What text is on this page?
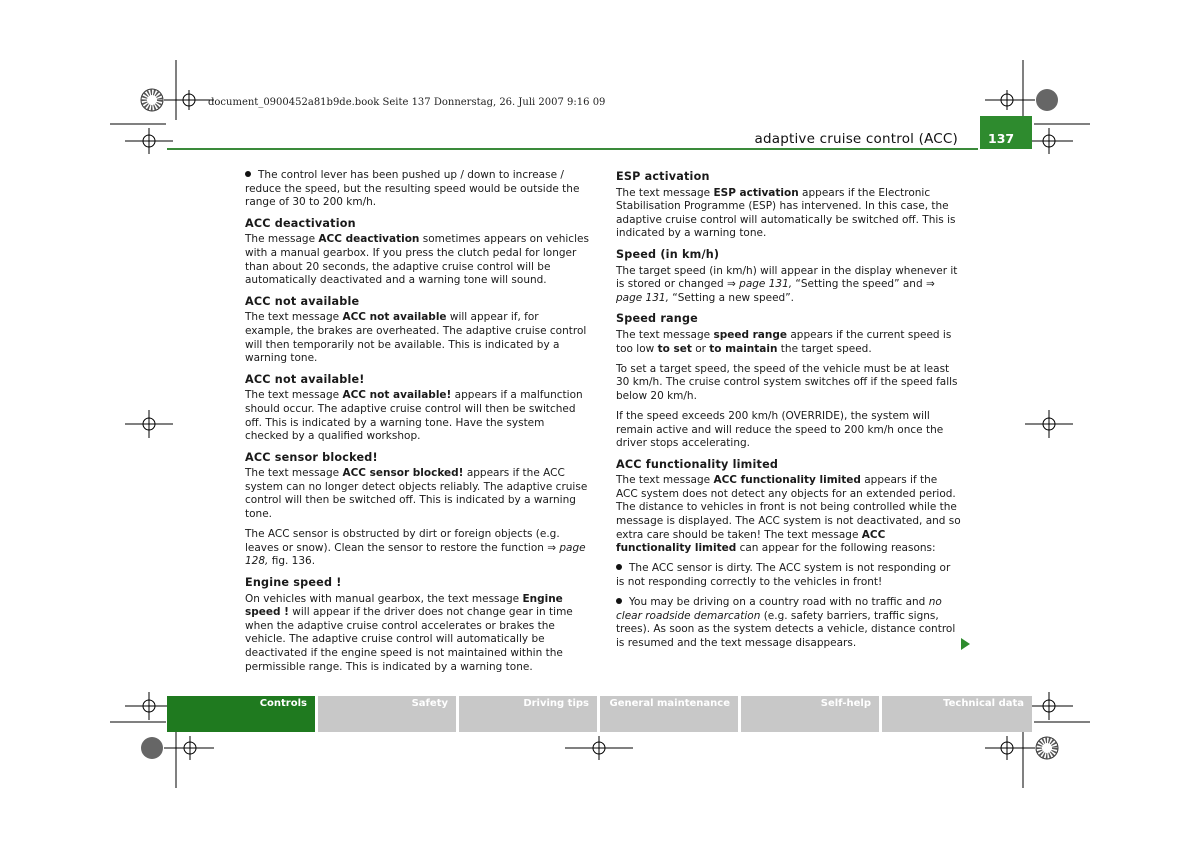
document_0900452a81b9de.book Seite 137 Donnerstag, 26. Juli 2007 9:16 09
adaptive cruise control (ACC) 137

The control lever has been pushed up / down to increase / reduce the speed, but the resulting speed would be outside the range of 30 to 200 km/h.

ACC deactivation

The message ACC deactivation sometimes appears on vehicles with a manual gearbox. If you press the clutch pedal for longer than about 20 seconds, the adaptive cruise control will be automatically deactivated and a warning tone will sound.

ACC not available

The text message ACC not available will appear if, for example, the brakes are overheated. The adaptive cruise control will then temporarily not be available. This is indicated by a warning tone.

ACC not available!

The text message ACC not available! appears if a malfunction should occur. The adaptive cruise control will then be switched off. This is indicated by a warning tone. Have the system checked by a qualified workshop.

ACC sensor blocked!

The text message ACC sensor blocked! appears if the ACC system can no longer detect objects reliably. The adaptive cruise control will then be switched off. This is indicated by a warning tone.

The ACC sensor is obstructed by dirt or foreign objects (e.g. leaves or snow). Clean the sensor to restore the function ⇒ page 128, fig. 136.

Engine speed !

On vehicles with manual gearbox, the text message Engine speed ! will appear if the driver does not change gear in time when the adaptive cruise control accelerates or brakes the vehicle. The adaptive cruise control will automatically be deactivated if the engine speed is not maintained within the permissible range. This is indicated by a warning tone.

ESP activation

The text message ESP activation appears if the Electronic Stabilisation Programme (ESP) has intervened. In this case, the adaptive cruise control will automatically be switched off. This is indicated by a warning tone.

Speed (in km/h)

The target speed (in km/h) will appear in the display whenever it is stored or changed ⇒ page 131, “Setting the speed” and ⇒ page 131, “Setting a new speed”.

Speed range

The text message speed range appears if the current speed is too low to set or to maintain the target speed.

To set a target speed, the speed of the vehicle must be at least 30 km/h. The cruise control system switches off if the speed falls below 20 km/h.

If the speed exceeds 200 km/h (OVERRIDE), the system will remain active and will reduce the speed to 200 km/h once the driver stops accelerating.

ACC functionality limited

The text message ACC functionality limited appears if the ACC system does not detect any objects for an extended period. The distance to vehicles in front is not being controlled while the message is displayed. The ACC system is not deactivated, and so extra care should be taken! The text message ACC functionality limited can appear for the following reasons:

The ACC sensor is dirty. The ACC system is not responding or is not responding correctly to the vehicles in front!

You may be driving on a country road with no traffic and no clear roadside demarcation (e.g. safety barriers, traffic signs, trees). As soon as the system detects a vehicle, distance control is resumed and the text message disappears.

Controls	Safety	Driving tips	General maintenance	Self-help	Technical data
